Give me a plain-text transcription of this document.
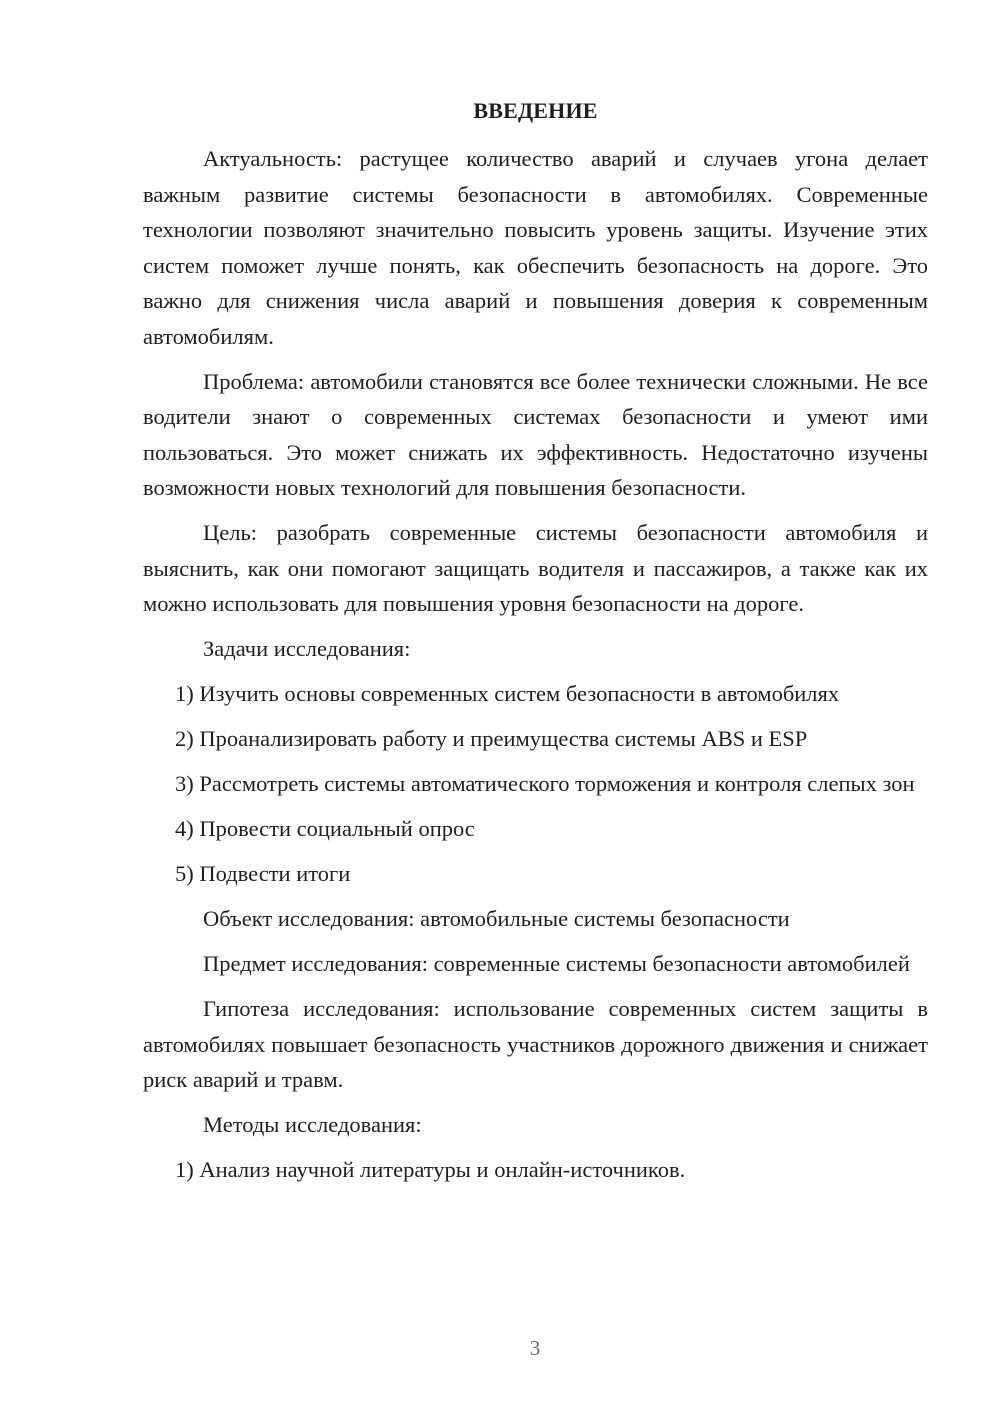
ВВЕДЕНИЕ

Актуальность: растущее количество аварий и случаев угона делает важным развитие системы безопасности в автомобилях. Современные технологии позволяют значительно повысить уровень защиты. Изучение этих систем поможет лучше понять, как обеспечить безопасность на дороге. Это важно для снижения числа аварий и повышения доверия к современным автомобилям.

Проблема: автомобили становятся все более технически сложными. Не все водители знают о современных системах безопасности и умеют ими пользоваться. Это может снижать их эффективность. Недостаточно изучены возможности новых технологий для повышения безопасности.

Цель: разобрать современные системы безопасности автомобиля и выяснить, как они помогают защищать водителя и пассажиров, а также как их можно использовать для повышения уровня безопасности на дороге.

Задачи исследования:

1) Изучить основы современных систем безопасности в автомобилях

2) Проанализировать работу и преимущества системы ABS и ESP

3) Рассмотреть системы автоматического торможения и контроля слепых зон

4) Провести социальный опрос

5) Подвести итоги

Объект исследования: автомобильные системы безопасности

Предмет исследования: современные системы безопасности автомобилей

Гипотеза исследования: использование современных систем защиты в автомобилях повышает безопасность участников дорожного движения и снижает риск аварий и травм.

Методы исследования:

1) Анализ научной литературы и онлайн-источников.

3
